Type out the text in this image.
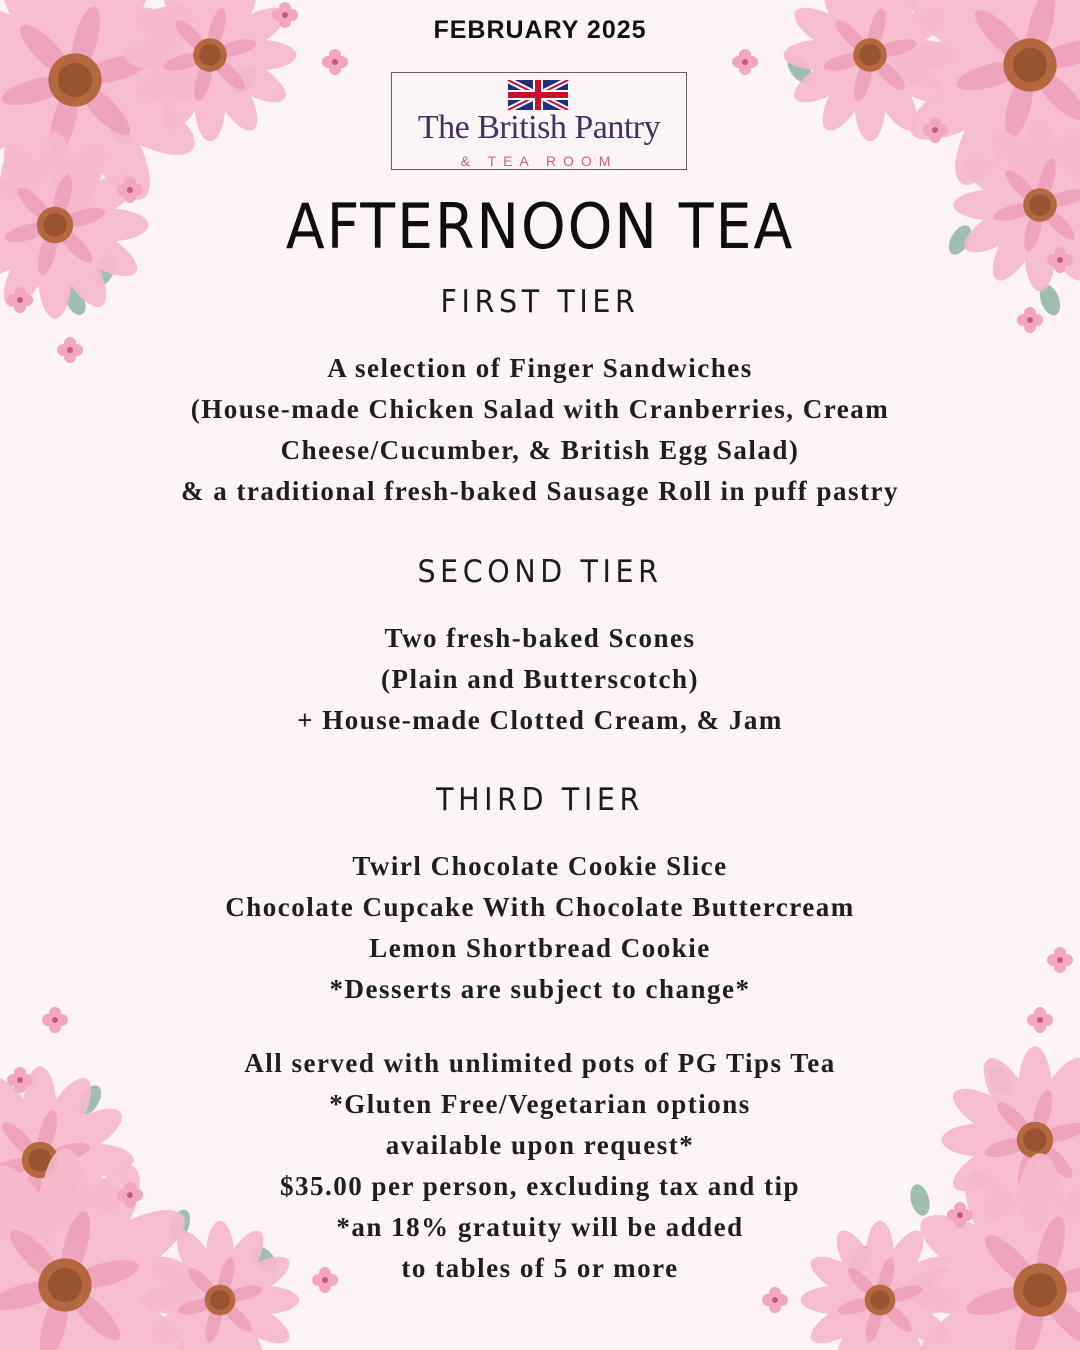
FEBRUARY 2025
The British Pantry
& TEA ROOM
AFTERNOON TEA
FIRST TIER
A selection of Finger Sandwiches
(House-made Chicken Salad with Cranberries, Cream
Cheese/Cucumber, & British Egg Salad)
& a traditional fresh-baked Sausage Roll in puff pastry
SECOND TIER
Two fresh-baked Scones
(Plain and Butterscotch)
+ House-made Clotted Cream, & Jam
THIRD TIER
Twirl Chocolate Cookie Slice
Chocolate Cupcake With Chocolate Buttercream
Lemon Shortbread Cookie
*Desserts are subject to change*
All served with unlimited pots of PG Tips Tea
*Gluten Free/Vegetarian options
available upon request*
$35.00 per person, excluding tax and tip
*an 18% gratuity will be added
to tables of 5 or more
